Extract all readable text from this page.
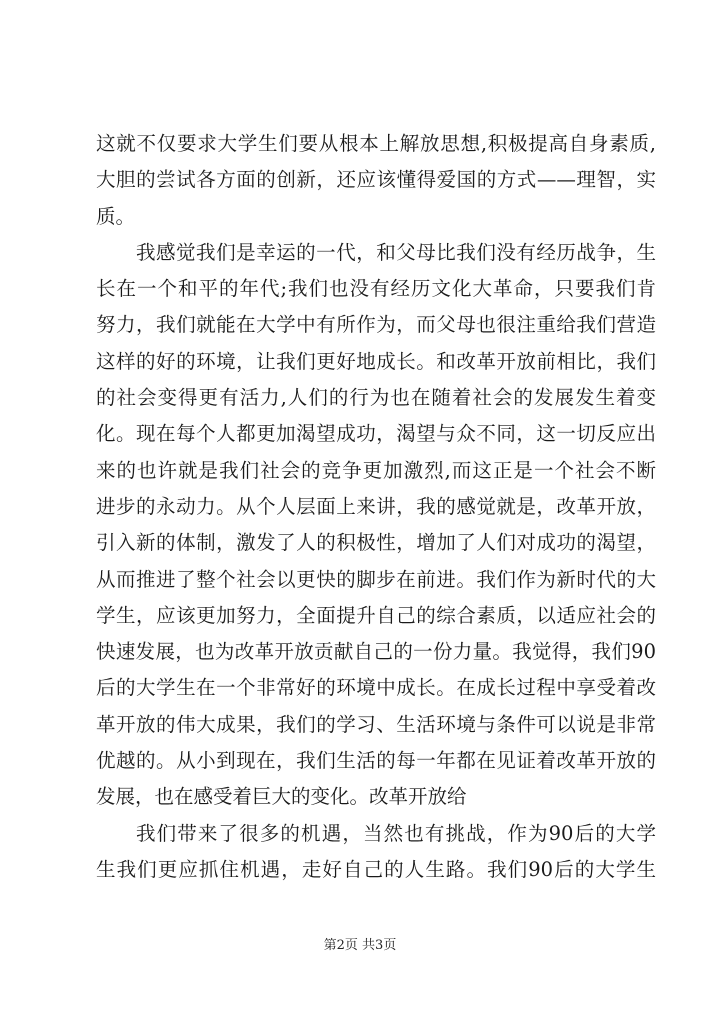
这就不仅要求大学生们要从根本上解放思想,积极提高自身素质,
大胆的尝试各方面的创新，还应该懂得爱国的方式——理智，实
质。
我感觉我们是幸运的一代，和父母比我们没有经历战争，生
长在一个和平的年代;我们也没有经历文化大革命，只要我们肯
努力，我们就能在大学中有所作为，而父母也很注重给我们营造
这样的好的环境，让我们更好地成长。和改革开放前相比，我们
的社会变得更有活力,人们的行为也在随着社会的发展发生着变
化。现在每个人都更加渴望成功，渴望与众不同，这一切反应出
来的也许就是我们社会的竞争更加激烈,而这正是一个社会不断
进步的永动力。从个人层面上来讲，我的感觉就是，改革开放，
引入新的体制，激发了人的积极性，增加了人们对成功的渴望，
从而推进了整个社会以更快的脚步在前进。我们作为新时代的大
学生，应该更加努力，全面提升自己的综合素质，以适应社会的
快速发展，也为改革开放贡献自己的一份力量。我觉得，我们90
后的大学生在一个非常好的环境中成长。在成长过程中享受着改
革开放的伟大成果，我们的学习、生活环境与条件可以说是非常
优越的。从小到现在，我们生活的每一年都在见证着改革开放的
发展，也在感受着巨大的变化。改革开放给
我们带来了很多的机遇，当然也有挑战，作为90后的大学
生我们更应抓住机遇，走好自己的人生路。我们90后的大学生
第2页 共3页
